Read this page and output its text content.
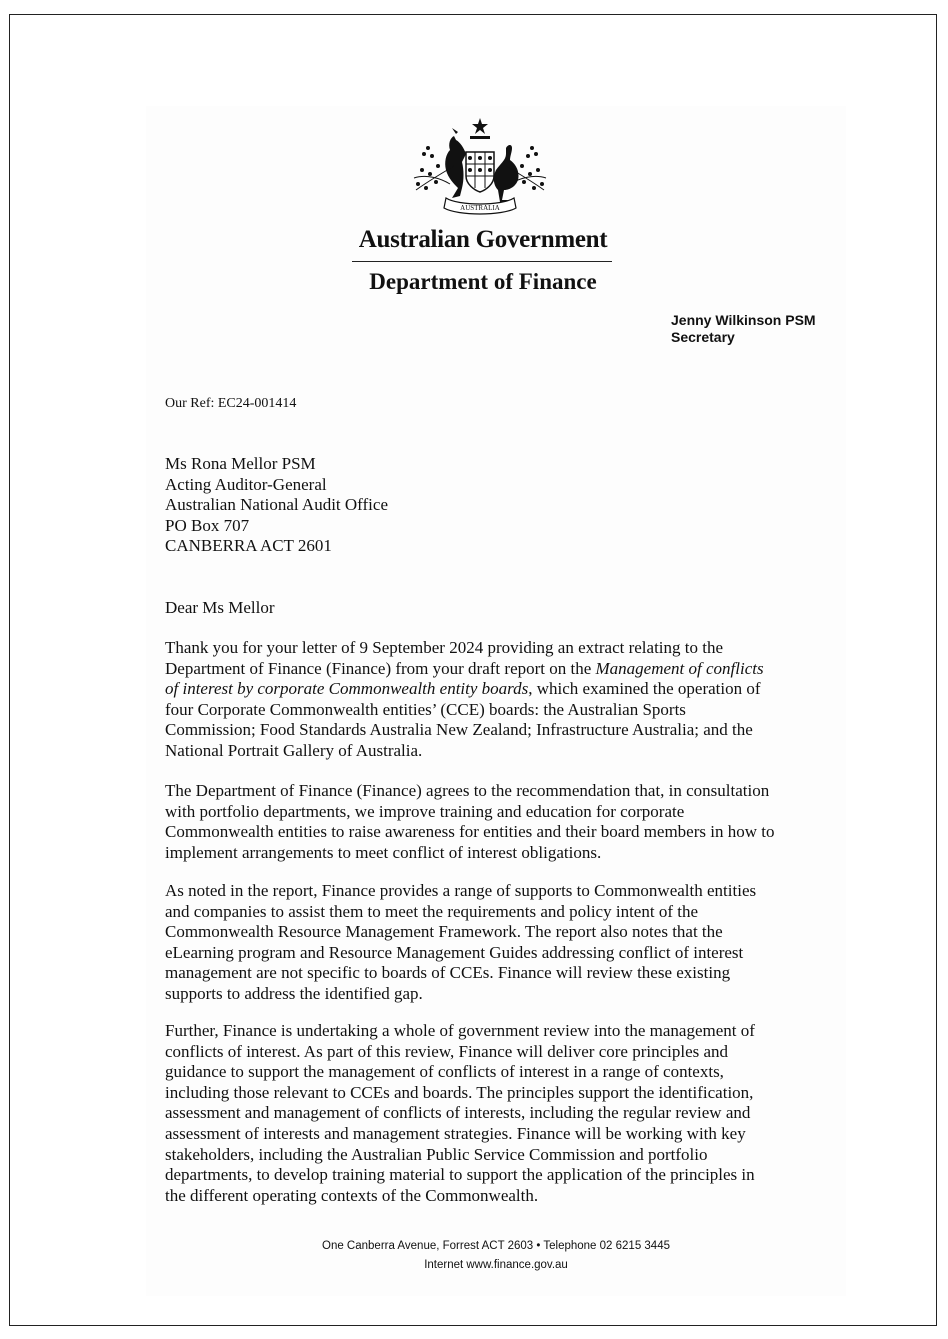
AUSTRALIA
Australian Government
Department of Finance
Jenny Wilkinson PSM
Secretary
Our Ref: EC24-001414
Ms Rona Mellor PSM
Acting Auditor-General
Australian National Audit Office
PO Box 707
CANBERRA ACT 2601
Dear Ms Mellor
Thank you for your letter of 9 September 2024 providing an extract relating to the
Department of Finance (Finance) from your draft report on the Management of conflicts
of interest by corporate Commonwealth entity boards, which examined the operation of
four Corporate Commonwealth entities’ (CCE) boards: the Australian Sports
Commission; Food Standards Australia New Zealand; Infrastructure Australia; and the
National Portrait Gallery of Australia.
The Department of Finance (Finance) agrees to the recommendation that, in consultation
with portfolio departments, we improve training and education for corporate
Commonwealth entities to raise awareness for entities and their board members in how to
implement arrangements to meet conflict of interest obligations.
As noted in the report, Finance provides a range of supports to Commonwealth entities
and companies to assist them to meet the requirements and policy intent of the
Commonwealth Resource Management Framework. The report also notes that the
eLearning program and Resource Management Guides addressing conflict of interest
management are not specific to boards of CCEs. Finance will review these existing
supports to address the identified gap.
Further, Finance is undertaking a whole of government review into the management of
conflicts of interest. As part of this review, Finance will deliver core principles and
guidance to support the management of conflicts of interest in a range of contexts,
including those relevant to CCEs and boards. The principles support the identification,
assessment and management of conflicts of interests, including the regular review and
assessment of interests and management strategies. Finance will be working with key
stakeholders, including the Australian Public Service Commission and portfolio
departments, to develop training material to support the application of the principles in
the different operating contexts of the Commonwealth.
One Canberra Avenue, Forrest ACT 2603 • Telephone 02 6215 3445
Internet www.finance.gov.au
